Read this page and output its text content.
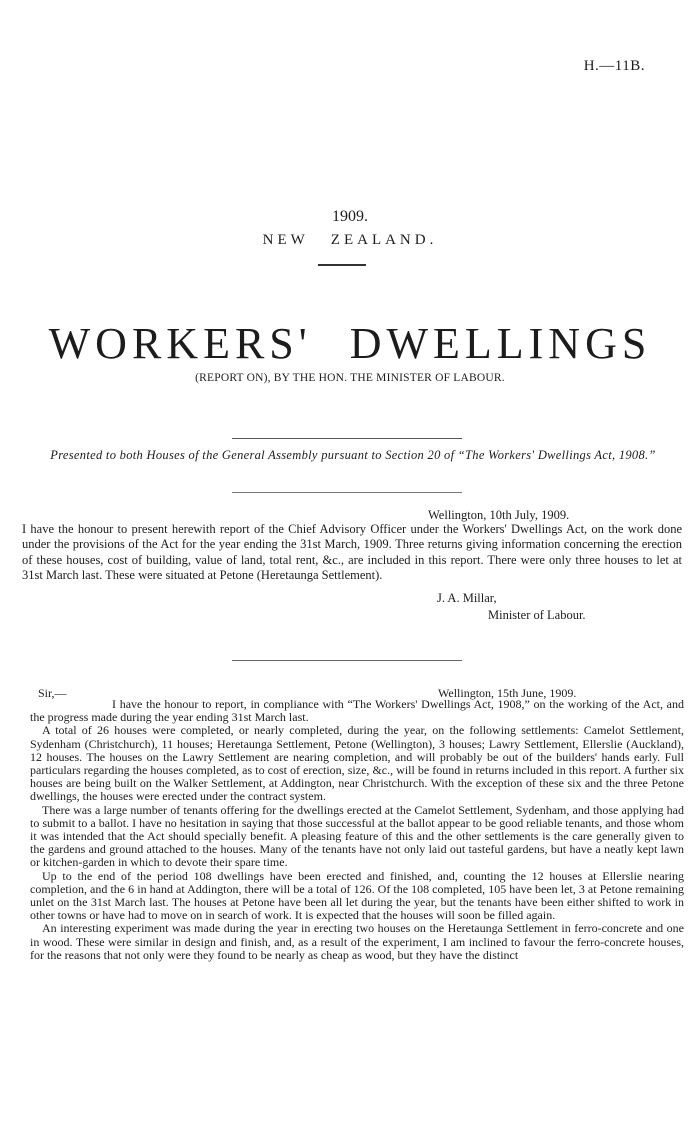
H.—11B.
1909.
NEW ZEALAND.
WORKERS' DWELLINGS
(REPORT ON), BY THE HON. THE MINISTER OF LABOUR.
Presented to both Houses of the General Assembly pursuant to Section 20 of “The Workers' Dwellings Act, 1908.”
Wellington, 10th July, 1909.
I have the honour to present herewith report of the Chief Advisory Officer under the Workers' Dwellings Act, on the work done under the provisions of the Act for the year ending the 31st March, 1909. Three returns giving information concerning the erection of these houses, cost of building, value of land, total rent, &c., are included in this report. There were only three houses to let at 31st March last. These were situated at Petone (Heretaunga Settlement).
J. A. Millar,
Minister of Labour.
Sir,—	Wellington, 15th June, 1909.

I have the honour to report, in compliance with “The Workers' Dwellings Act, 1908,” on the working of the Act, and the progress made during the year ending 31st March last.

A total of 26 houses were completed, or nearly completed, during the year, on the following settlements: Camelot Settlement, Sydenham (Christchurch), 11 houses; Heretaunga Settlement, Petone (Wellington), 3 houses; Lawry Settlement, Ellerslie (Auckland), 12 houses. The houses on the Lawry Settlement are nearing completion, and will probably be out of the builders' hands early. Full particulars regarding the houses completed, as to cost of erection, size, &c., will be found in returns included in this report. A further six houses are being built on the Walker Settlement, at Addington, near Christchurch. With the exception of these six and the three Petone dwellings, the houses were erected under the contract system.

There was a large number of tenants offering for the dwellings erected at the Camelot Settlement, Sydenham, and those applying had to submit to a ballot. I have no hesitation in saying that those successful at the ballot appear to be good reliable tenants, and those whom it was intended that the Act should specially benefit. A pleasing feature of this and the other settlements is the care generally given to the gardens and ground attached to the houses. Many of the tenants have not only laid out tasteful gardens, but have a neatly kept lawn or kitchen-garden in which to devote their spare time.

Up to the end of the period 108 dwellings have been erected and finished, and, counting the 12 houses at Ellerslie nearing completion, and the 6 in hand at Addington, there will be a total of 126. Of the 108 completed, 105 have been let, 3 at Petone remaining unlet on the 31st March last. The houses at Petone have been all let during the year, but the tenants have been either shifted to work in other towns or have had to move on in search of work. It is expected that the houses will soon be filled again.

An interesting experiment was made during the year in erecting two houses on the Heretaunga Settlement in ferro-concrete and one in wood. These were similar in design and finish, and, as a result of the experiment, I am inclined to favour the ferro-concrete houses, for the reasons that not only were they found to be nearly as cheap as wood, but they have the distinct
